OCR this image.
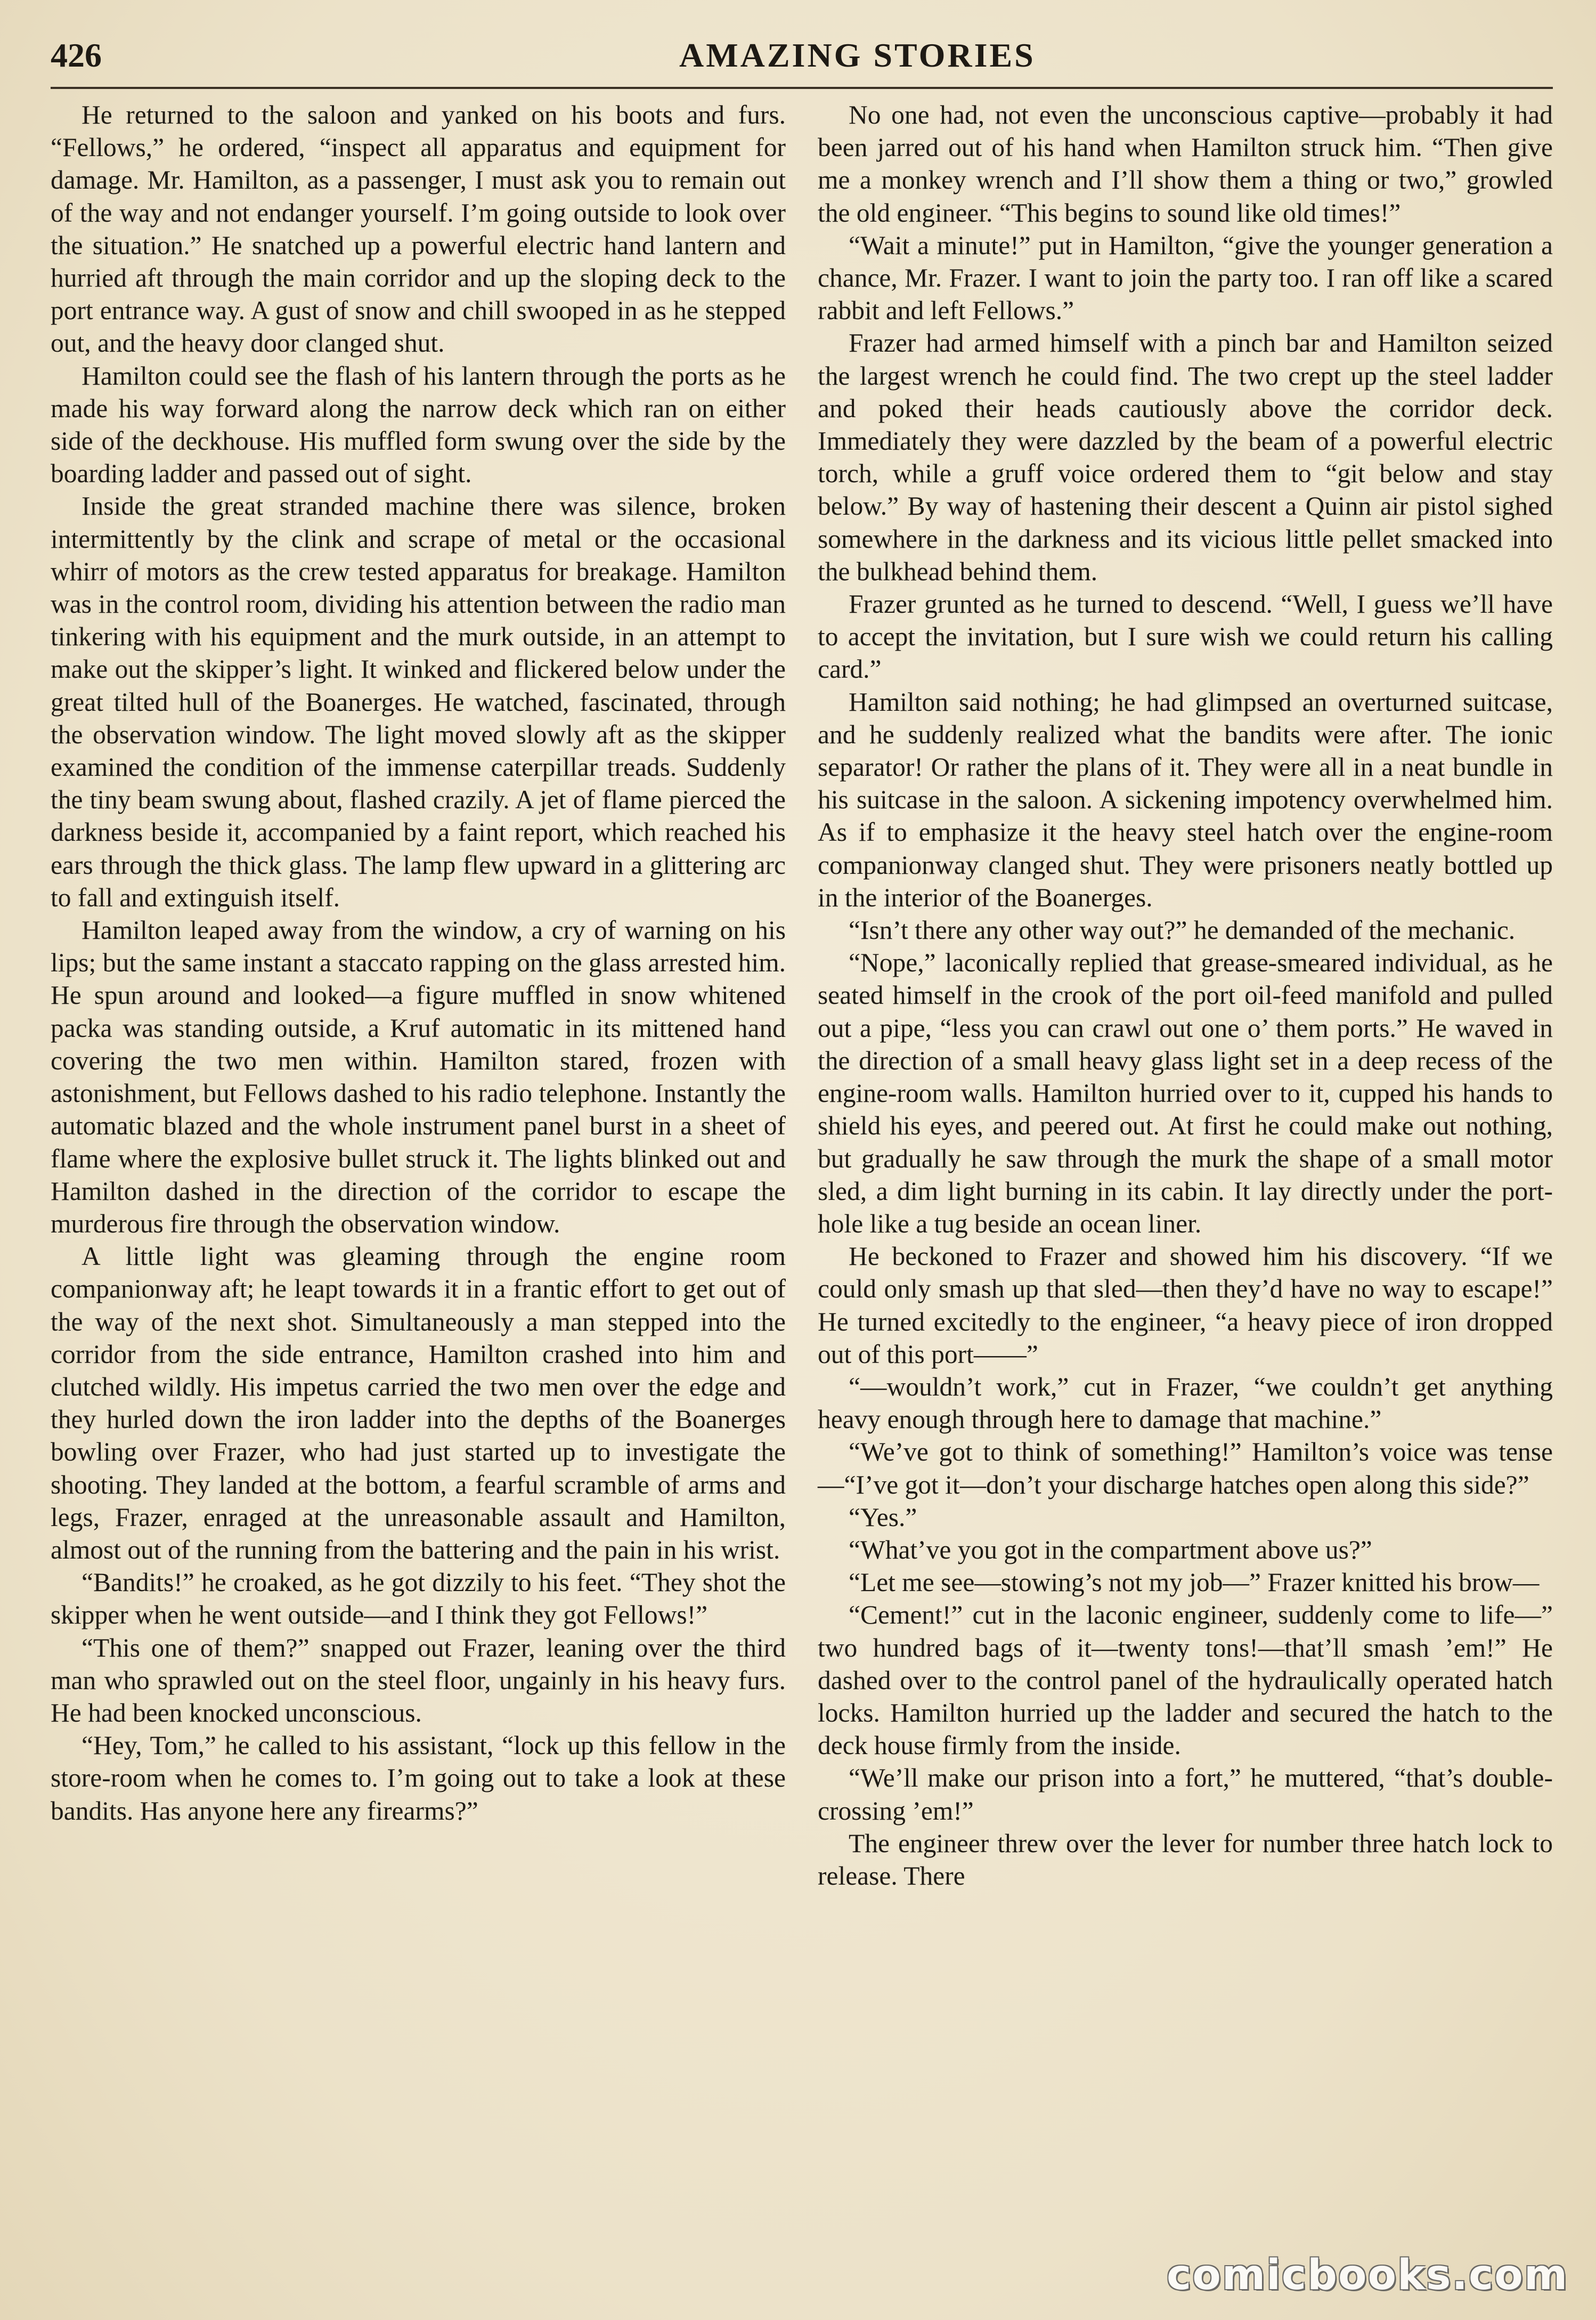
426	AMAZING STORIES

He returned to the saloon and yanked on his boots and furs. “Fellows,” he ordered, “inspect all apparatus and equipment for damage. Mr. Hamilton, as a passenger, I must ask you to remain out of the way and not endanger yourself. I’m going outside to look over the situation.” He snatched up a powerful electric hand lantern and hurried aft through the main corridor and up the sloping deck to the port entrance way. A gust of snow and chill swooped in as he stepped out, and the heavy door clanged shut.

Hamilton could see the flash of his lantern through the ports as he made his way forward along the narrow deck which ran on either side of the deckhouse. His muffled form swung over the side by the boarding ladder and passed out of sight.

Inside the great stranded machine there was silence, broken intermittently by the clink and scrape of metal or the occasional whirr of motors as the crew tested apparatus for breakage. Hamilton was in the control room, dividing his attention between the radio man tinkering with his equipment and the murk outside, in an attempt to make out the skipper’s light. It winked and flickered below under the great tilted hull of the Boanerges. He watched, fascinated, through the observation window. The light moved slowly aft as the skipper examined the condition of the immense caterpillar treads. Suddenly the tiny beam swung about, flashed crazily. A jet of flame pierced the darkness beside it, accompanied by a faint report, which reached his ears through the thick glass. The lamp flew upward in a glittering arc to fall and extinguish itself.

Hamilton leaped away from the window, a cry of warning on his lips; but the same instant a staccato rapping on the glass arrested him. He spun around and looked—a figure muffled in snow whitened packa was standing outside, a Kruf automatic in its mittened hand covering the two men within. Hamilton stared, frozen with astonishment, but Fellows dashed to his radio telephone. Instantly the automatic blazed and the whole instrument panel burst in a sheet of flame where the explosive bullet struck it. The lights blinked out and Hamilton dashed in the direction of the corridor to escape the murderous fire through the observation window.

A little light was gleaming through the engine room companionway aft; he leapt towards it in a frantic effort to get out of the way of the next shot. Simultaneously a man stepped into the corridor from the side entrance, Hamilton crashed into him and clutched wildly. His impetus carried the two men over the edge and they hurled down the iron ladder into the depths of the Boanerges bowling over Frazer, who had just started up to investigate the shooting. They landed at the bottom, a fearful scramble of arms and legs, Frazer, enraged at the unreasonable assault and Hamilton, almost out of the running from the battering and the pain in his wrist.

“Bandits!” he croaked, as he got dizzily to his feet. “They shot the skipper when he went outside—and I think they got Fellows!”

“This one of them?” snapped out Frazer, leaning over the third man who sprawled out on the steel floor, ungainly in his heavy furs. He had been knocked unconscious.

“Hey, Tom,” he called to his assistant, “lock up this fellow in the store-room when he comes to. I’m going out to take a look at these bandits. Has anyone here any firearms?”

No one had, not even the unconscious captive—probably it had been jarred out of his hand when Hamilton struck him. “Then give me a monkey wrench and I’ll show them a thing or two,” growled the old engineer. “This begins to sound like old times!”

“Wait a minute!” put in Hamilton, “give the younger generation a chance, Mr. Frazer. I want to join the party too. I ran off like a scared rabbit and left Fellows.”

Frazer had armed himself with a pinch bar and Hamilton seized the largest wrench he could find. The two crept up the steel ladder and poked their heads cautiously above the corridor deck. Immediately they were dazzled by the beam of a powerful electric torch, while a gruff voice ordered them to “git below and stay below.” By way of hastening their descent a Quinn air pistol sighed somewhere in the darkness and its vicious little pellet smacked into the bulkhead behind them.

Frazer grunted as he turned to descend. “Well, I guess we’ll have to accept the invitation, but I sure wish we could return his calling card.”

Hamilton said nothing; he had glimpsed an overturned suitcase, and he suddenly realized what the bandits were after. The ionic separator! Or rather the plans of it. They were all in a neat bundle in his suitcase in the saloon. A sickening impotency overwhelmed him. As if to emphasize it the heavy steel hatch over the engine-room companionway clanged shut. They were prisoners neatly bottled up in the interior of the Boanerges.

“Isn’t there any other way out?” he demanded of the mechanic.

“Nope,” laconically replied that grease-smeared individual, as he seated himself in the crook of the port oil-feed manifold and pulled out a pipe, “less you can crawl out one o’ them ports.” He waved in the direction of a small heavy glass light set in a deep recess of the engine-room walls. Hamilton hurried over to it, cupped his hands to shield his eyes, and peered out. At first he could make out nothing, but gradually he saw through the murk the shape of a small motor sled, a dim light burning in its cabin. It lay directly under the port-hole like a tug beside an ocean liner.

He beckoned to Frazer and showed him his discovery. “If we could only smash up that sled—then they’d have no way to escape!” He turned excitedly to the engineer, “a heavy piece of iron dropped out of this port——”

“—wouldn’t work,” cut in Frazer, “we couldn’t get anything heavy enough through here to damage that machine.”

“We’ve got to think of something!” Hamilton’s voice was tense—“I’ve got it—don’t your discharge hatches open along this side?”

“Yes.”

“What’ve you got in the compartment above us?”

“Let me see—stowing’s not my job—” Frazer knitted his brow—

“Cement!” cut in the laconic engineer, suddenly come to life—” two hundred bags of it—twenty tons!—that’ll smash ’em!” He dashed over to the control panel of the hydraulically operated hatch locks. Hamilton hurried up the ladder and secured the hatch to the deck house firmly from the inside.

“We’ll make our prison into a fort,” he muttered, “that’s double-crossing ’em!”

The engineer threw over the lever for number three hatch lock to release. There

comicbooks.com
